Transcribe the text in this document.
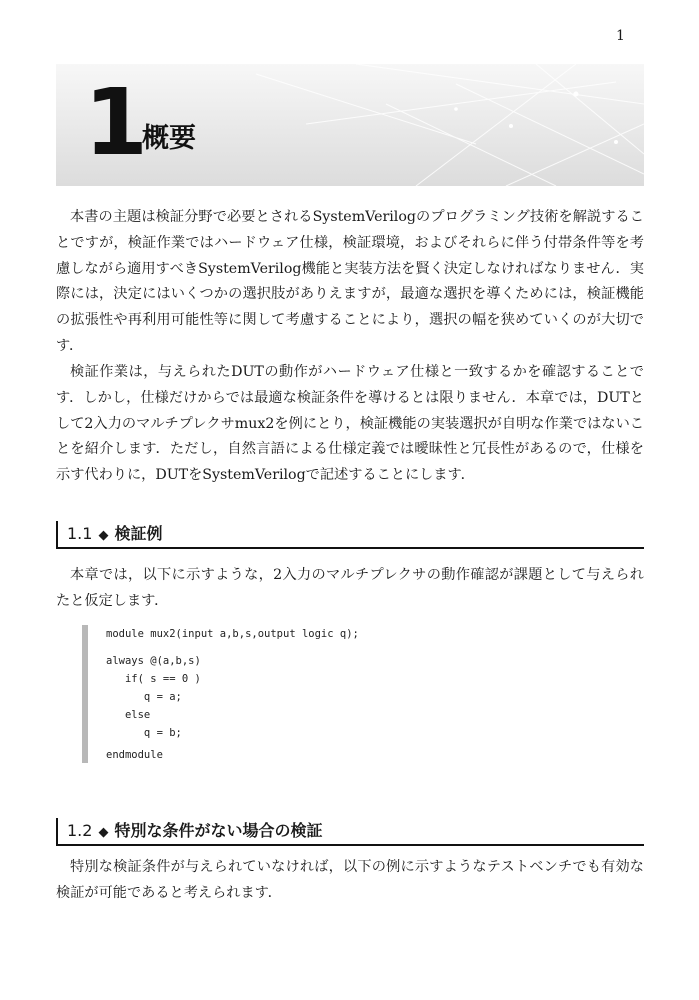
1
1
概要

本書の主題は検証分野で必要とされるSystemVerilogのプログラミング技術を解説することですが，検証作業ではハードウェア仕様，検証環境，およびそれらに伴う付帯条件等を考慮しながら適用すべきSystemVerilog機能と実装方法を賢く決定しなければなりません．実際には，決定にはいくつかの選択肢がありえますが，最適な選択を導くためには，検証機能の拡張性や再利用可能性等に関して考慮することにより，選択の幅を狭めていくのが大切です．

検証作業は，与えられたDUTの動作がハードウェア仕様と一致するかを確認することです．しかし，仕様だけからでは最適な検証条件を導けるとは限りません．本章では，DUTとして2入力のマルチプレクサmux2を例にとり，検証機能の実装選択が自明な作業ではないことを紹介します．ただし，自然言語による仕様定義では曖昧性と冗長性があるので，仕様を示す代わりに，DUTをSystemVerilogで記述することにします．

1.1 ◆ 検証例

本章では，以下に示すような，2入力のマルチプレクサの動作確認が課題として与えられたと仮定します．

module mux2(input a,b,s,output logic q);
always @(a,b,s)
if( s == 0 )
q = a;
else
q = b;
endmodule
1.2 ◆ 特別な条件がない場合の検証

特別な検証条件が与えられていなければ，以下の例に示すようなテストベンチでも有効な検証が可能であると考えられます．
